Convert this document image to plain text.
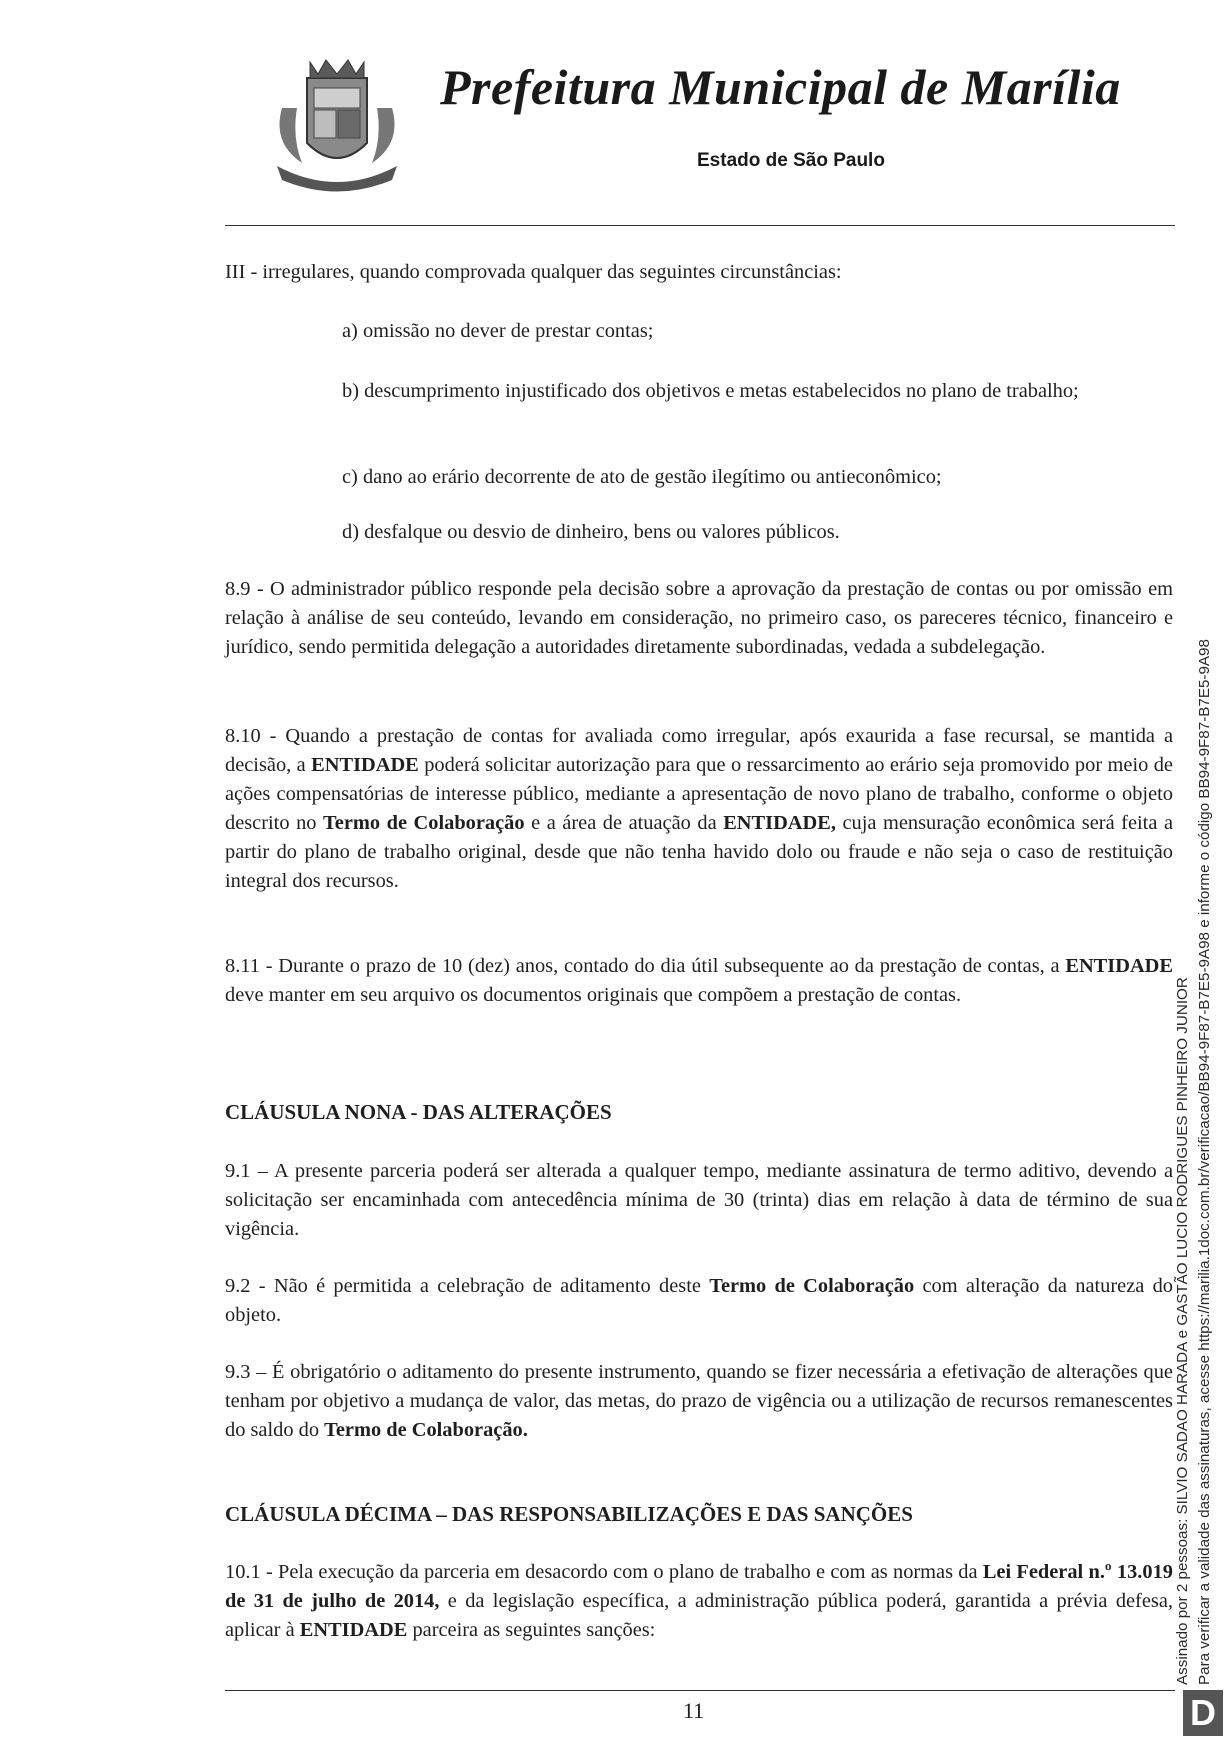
Prefeitura Municipal de Marília
Estado de São Paulo
III - irregulares, quando comprovada qualquer das seguintes circunstâncias:
a) omissão no dever de prestar contas;
b) descumprimento injustificado dos objetivos e metas estabelecidos no plano de trabalho;
c) dano ao erário decorrente de ato de gestão ilegítimo ou antieconômico;
d) desfalque ou desvio de dinheiro, bens ou valores públicos.
8.9 - O administrador público responde pela decisão sobre a aprovação da prestação de contas ou por omissão em relação à análise de seu conteúdo, levando em consideração, no primeiro caso, os pareceres técnico, financeiro e jurídico, sendo permitida delegação a autoridades diretamente subordinadas, vedada a subdelegação.
8.10 - Quando a prestação de contas for avaliada como irregular, após exaurida a fase recursal, se mantida a decisão, a ENTIDADE poderá solicitar autorização para que o ressarcimento ao erário seja promovido por meio de ações compensatórias de interesse público, mediante a apresentação de novo plano de trabalho, conforme o objeto descrito no Termo de Colaboração e a área de atuação da ENTIDADE, cuja mensuração econômica será feita a partir do plano de trabalho original, desde que não tenha havido dolo ou fraude e não seja o caso de restituição integral dos recursos.
8.11 - Durante o prazo de 10 (dez) anos, contado do dia útil subsequente ao da prestação de contas, a ENTIDADE deve manter em seu arquivo os documentos originais que compõem a prestação de contas.
CLÁUSULA NONA - DAS ALTERAÇÕES
9.1 – A presente parceria poderá ser alterada a qualquer tempo, mediante assinatura de termo aditivo, devendo a solicitação ser encaminhada com antecedência mínima de 30 (trinta) dias em relação à data de término de sua vigência.
9.2 - Não é permitida a celebração de aditamento deste Termo de Colaboração com alteração da natureza do objeto.
9.3 – É obrigatório o aditamento do presente instrumento, quando se fizer necessária a efetivação de alterações que tenham por objetivo a mudança de valor, das metas, do prazo de vigência ou a utilização de recursos remanescentes do saldo do Termo de Colaboração.
CLÁUSULA DÉCIMA – DAS RESPONSABILIZAÇÕES E DAS SANÇÕES
10.1 - Pela execução da parceria em desacordo com o plano de trabalho e com as normas da Lei Federal n.º 13.019 de 31 de julho de 2014, e da legislação específica, a administração pública poderá, garantida a prévia defesa, aplicar à ENTIDADE parceira as seguintes sanções:
11
Assinado por 2 pessoas: SILVIO SADAO HARADA e GASTÃO LUCIO RODRIGUES PINHEIRO JUNIOR Para verificar a validade das assinaturas, acesse https://marilia.1doc.com.br/verificacao/BB94-9F87-B7E5-9A98 e informe o código BB94-9F87-B7E5-9A98
D
